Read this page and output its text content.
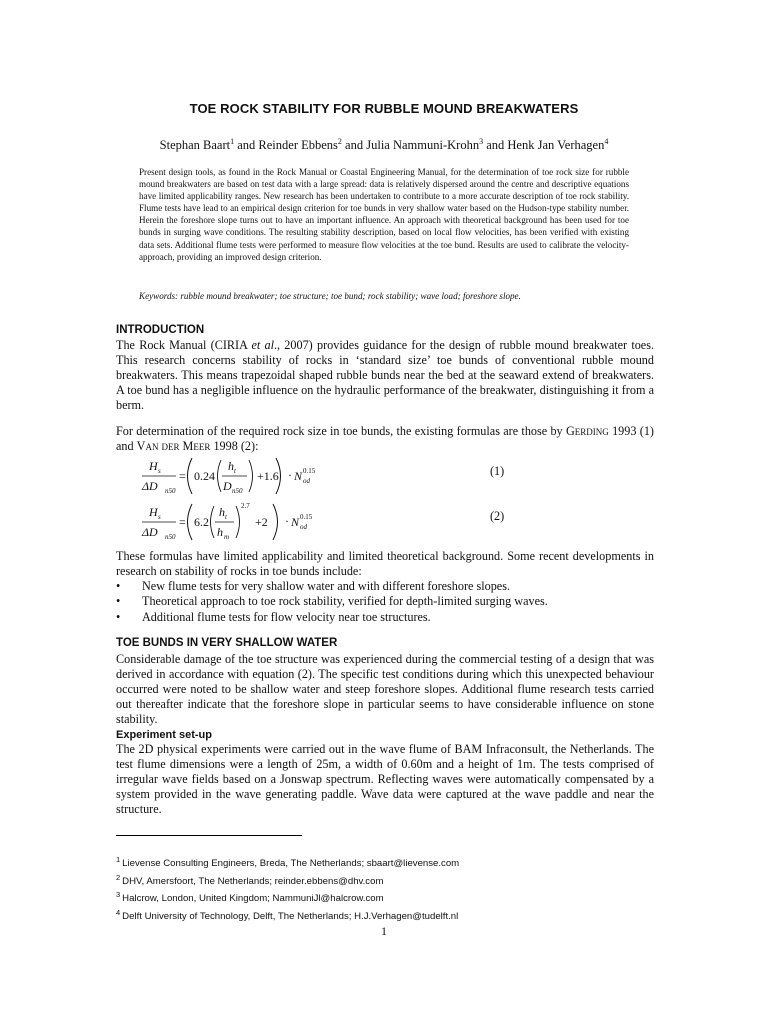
TOE ROCK STABILITY FOR RUBBLE MOUND BREAKWATERS
Stephan Baart$^1$ and Reinder Ebbens$^2$ and Julia Nammuni-Krohn$^3$ and Henk Jan Verhagen$^4$
Present design tools, as found in the Rock Manual or Coastal Engineering Manual, for the determination of toe rock size for rubble mound breakwaters are based on test data with a large spread: data is relatively dispersed around the centre and descriptive equations have limited applicability ranges. New research has been undertaken to contribute to a more accurate description of toe rock stability. Flume tests have lead to an empirical design criterion for toe bunds in very shallow water based on the Hudson-type stability number. Herein the foreshore slope turns out to have an important influence. An approach with theoretical background has been used for toe bunds in surging wave conditions. The resulting stability description, based on local flow velocities, has been verified with existing data sets. Additional flume tests were performed to measure flow velocities at the toe bund. Results are used to calibrate the velocity-approach, providing an improved design criterion.
Keywords: rubble mound breakwater; toe structure; toe bund; rock stability; wave load; foreshore slope.
INTRODUCTION
The Rock Manual (CIRIA et al., 2007) provides guidance for the design of rubble mound breakwater toes. This research concerns stability of rocks in ‘standard size’ toe bunds of conventional rubble mound breakwaters. This means trapezoidal shaped rubble bunds near the bed at the seaward extend of breakwaters. A toe bund has a negligible influence on the hydraulic performance of the breakwater, distinguishing it from a berm.
For determination of the required rock size in toe bunds, the existing formulas are those by Gerding 1993 (1) and Van der Meer 1998 (2):
H s
ΔD n50
= 0.24
h t
D n50
+1.6 · N od
0.15	(1)
H s
ΔD n50
= 6.2
h t
h m
2.7
+2 · N od
0.15	(2)
These formulas have limited applicability and limited theoretical background. Some recent developments in research on stability of rocks in toe bunds include:
• New flume tests for very shallow water and with different foreshore slopes.
• Theoretical approach to toe rock stability, verified for depth-limited surging waves.
• Additional flume tests for flow velocity near toe structures.
TOE BUNDS IN VERY SHALLOW WATER
Considerable damage of the toe structure was experienced during the commercial testing of a design that was derived in accordance with equation (2). The specific test conditions during which this unexpected behaviour occurred were noted to be shallow water and steep foreshore slopes. Additional flume research tests carried out thereafter indicate that the foreshore slope in particular seems to have considerable influence on stone stability.
Experiment set-up
The 2D physical experiments were carried out in the wave flume of BAM Infraconsult, the Netherlands. The test flume dimensions were a length of 25m, a width of 0.60m and a height of 1m. The tests comprised of irregular wave fields based on a Jonswap spectrum. Reflecting waves were automatically compensated by a system provided in the wave generating paddle. Wave data were captured at the wave paddle and near the structure.
$^1$ Lievense Consulting Engineers, Breda, The Netherlands; sbaart@lievense.com
$^2$ DHV, Amersfoort, The Netherlands; reinder.ebbens@dhv.com
$^3$ Halcrow, London, United Kingdom; NammuniJl@halcrow.com
$^4$ Delft University of Technology, Delft, The Netherlands; H.J.Verhagen@tudelft.nl
1
